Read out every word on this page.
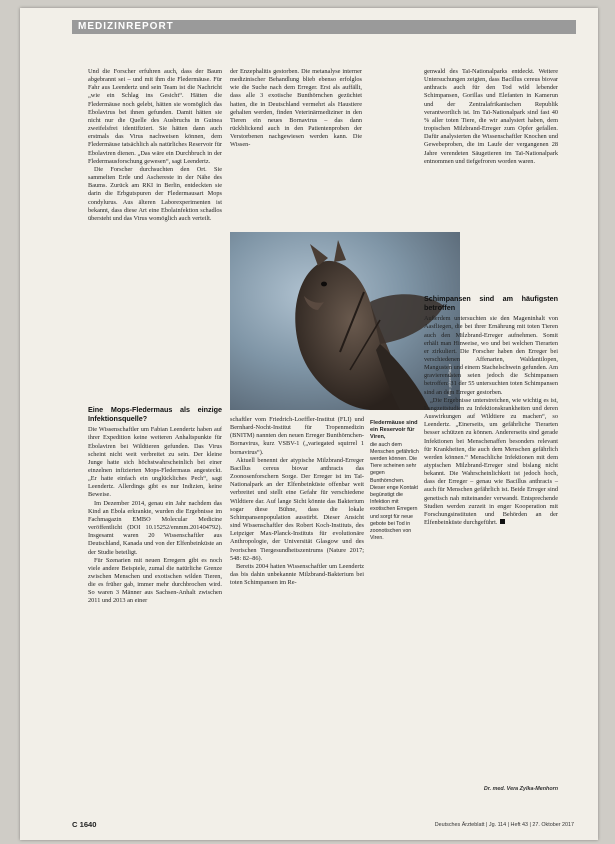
MEDIZINREPORT

Und die Forscher erfuhren auch, dass der Baum abgebrannt sei – und mit ihm die Fledermäuse. Für Fahr aus Leendertz und sein Team ist die Nachricht „wie ein Schlag ins Gesicht“. Hätten die Fledermäuse noch gelebt, hätten sie womöglich das Ebolavirus bei ihnen gefunden. Damit hätten sie nicht nur die Quelle des Ausbruchs in Guinea zweifelsfrei identifiziert. Sie hätten dann auch erstmals das Virus nachweisen können, dem Fledermäuse tatsächlich als natürliches Reservoir für Ebolaviren dienen. „Das wäre ein Durchbruch in der Fledermausforschung gewesen“, sagt Leendertz.

Die Forscher durchsuchten den Ort. Sie sammelten Erde und Aschereste in der Nähe des Baums. Zurück am RKI in Berlin, entdeckten sie darin die Erbgutspuren der Fledermausart Mops condylurus. Aus älteren Laborexperimenten ist bekannt, dass diese Art eine Ebolainfektion schadlos übersteht und das Virus womöglich auch verteilt.

Eine Mops-Fledermaus als einzige Infektionsquelle?

Die Wissenschaftler um Fabian Leendertz haben auf ihrer Expedition keine weiteren Anhaltspunkte für Ebolaviren bei Wildtieren gefunden. Das Virus scheint nicht weit verbreitet zu sein. Der kleine Junge hatte sich höchstwahrscheinlich bei einer einzelnen infizierten Mops-Fledermaus angesteckt. „Er hatte einfach ein unglückliches Pech“, sagt Leendertz. Allerdings gibt es nur Indizien, keine Beweise.

Im Dezember 2014, genau ein Jahr nachdem das Kind an Ebola erkrankte, wurden die Ergebnisse im Fachmagazin EMBO Molecular Medicine veröffentlicht (DOI 10.15252/emmm.201404792). Insgesamt waren 20 Wissenschaftler aus Deutschland, Kanada und von der Elfenbeinküste an der Studie beteiligt.

Für Szenarien mit neuen Erregern gibt es noch viele andere Beispiele, zumal die natürliche Grenze zwischen Menschen und exotischen wilden Tieren, die es früher gab, immer mehr durchbrochen wird. So waren 3 Männer aus Sachsen-Anhalt zwischen 2011 und 2013 an einer

der Enzephalitis gestorben. Die metanalyse interner medizinischer Behandlung blieb ebenso erfolglos wie die Suche nach dem Erreger. Erst als auffällt, dass alle 3 exotische Bunthörnchen gezüchtet hatten, die in Deutschland vermehrt als Haustiere gehalten werden, finden Veterinärmediziner in den Tieren ein neues Bornavirus – das dann rückblickend auch in den Patientenproben der Verstorbenen nachgewiesen werden kann. Die Wissen-

Foto: picture alliance
Fledermäuse sind ein Reservoir für Viren,
die auch dem Menschen gefährlich werden können. Die Tiere scheinen sehr gegen Bunthörnchen. Dieser enge Kontakt begünstigt die Infektion mit exotischen Erregern und sorgt für neue gebote bei Tod in zoonotischen von Viren.

schaftler vom Friedrich-Loeffler-Institut (FLI) und Bernhard-Nocht-Institut für Tropenmedizin (BNITM) nannten den neuen Erreger Bunthörnchen-Bornavirus, kurz VSBV-1 („variegated squirrel 1 bornavirus“).

Aktuell benennt der atypische Milzbrand-Erreger Bacillus cereus biovar anthracis das Zoonosenforschern Sorge. Der Erreger ist im Taï-Nationalpark an der Elfenbeinküste offenbar weit verbreitet und stellt eine Gefahr für verschiedene Wildtiere dar. Auf lange Sicht könnte das Bakterium sogar diese Bühne, dass die lokale Schimpansenpopulation ausstirbt. Dieser Ansicht sind Wissenschaftler des Robert Koch-Instituts, des Leipziger Max-Planck-Instituts für evolutionäre Anthropologie, der Universität Glasgow und des Ivorischen Tiergesundheitszentrums (Nature 2017; 548: 82–86).

Bereits 2004 hatten Wissenschaftler um Leendertz das bis dahin unbekannte Milzbrand-Bakterium bei toten Schimpansen im Re-

genwald des Taï-Nationalparks entdeckt. Weitere Untersuchungen zeigten, dass Bacillus cereus biovar anthracis auch für den Tod wild lebender Schimpansen, Gorillas und Elefanten in Kamerun und der Zentralafrikanischen Republik verantwortlich ist. Im Taï-Nationalpark sind fast 40 % aller toten Tiere, die wir analysiert haben, dem tropischen Milzbrand-Erreger zum Opfer gefallen. Dafür analysierten die Wissenschaftler Knochen und Gewebeproben, die im Laufe der vergangenen 28 Jahre verendeten Säugetieren im Taï-Nationalpark entnommen und tiefgefroren worden waren.

Schimpansen sind am häufigsten betroffen

Außerdem untersuchten sie den Mageninhalt von Aasfliegen, die bei ihrer Ernährung mit toten Tieren auch den Milzbrand-Erreger aufnehmen. Somit erhält man Hinweise, wo und bei welchen Tierarten er zirkuliert. Die Forscher haben den Erreger bei verschiedenen Affenarten, Waldantilopen, Mangusten und einem Stachelschwein gefunden. Am gravierendsten seien jedoch die Schimpansen betroffen: 31 der 55 untersuchten toten Schimpansen sind an dem Erreger gestorben.

„Die Ergebnisse unterstreichen, wie wichtig es ist, Langzeitstudien zu Infektionskrankheiten und deren Auswirkungen auf Wildtiere zu machen“, so Leendertz. „Einerseits, um gefährliche Tierarten besser schützen zu können. Andererseits sind gerade Infektionen bei Menschenaffen besonders relevant für Krankheiten, die auch dem Menschen gefährlich werden können.“ Menschliche Infektionen mit dem atypischen Milzbrand-Erreger sind bislang nicht bekannt. Die Wahrscheinlichkeit ist jedoch hoch, dass der Erreger – genau wie Bacillus anthracis – auch für Menschen gefährlich ist. Beide Erreger sind genetisch nah miteinander verwandt. Entsprechende Studien werden zurzeit in enger Kooperation mit Forschungsinstituten und Behörden an der Elfenbeinküste durchgeführt.

Dr. med. Vera Zylka-Menhorn
C 1640	Deutsches Ärzteblatt | Jg. 114 | Heft 43 | 27. Oktober 2017
